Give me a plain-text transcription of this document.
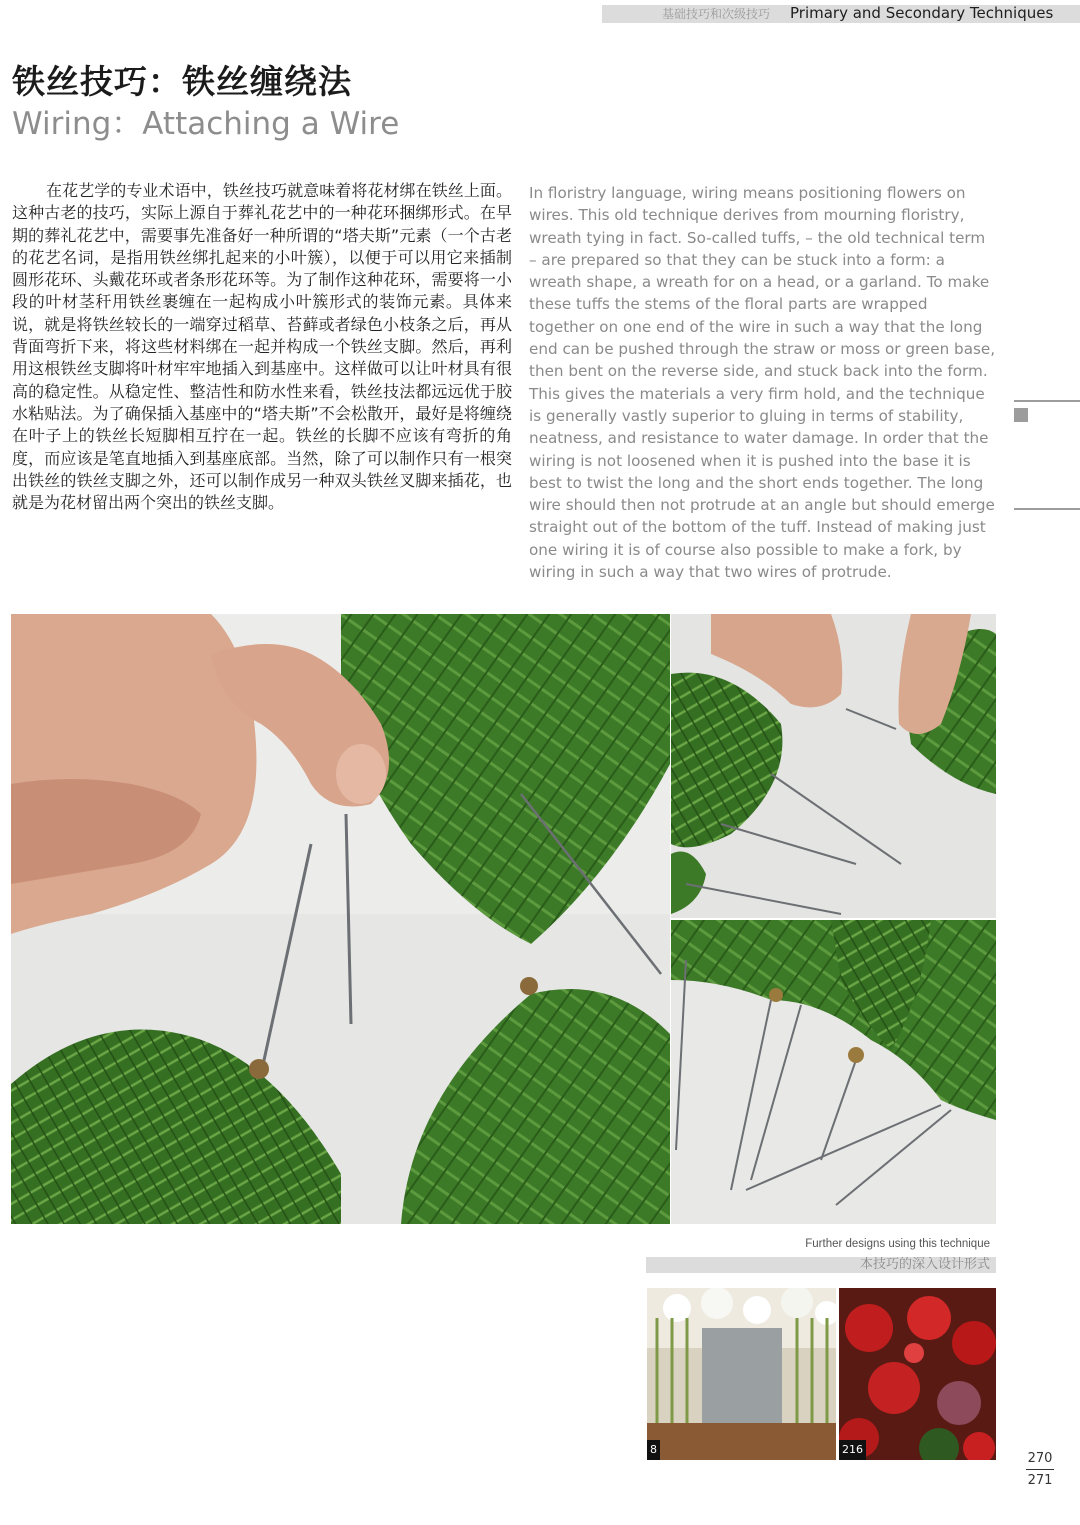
基础技巧和次级技巧 Primary and Secondary Techniques
铁丝技巧：铁丝缠绕法
Wiring：Attaching a Wire
在花艺学的专业术语中，铁丝技巧就意味着将花材绑在铁丝上面。这种古老的技巧，实际上源自于葬礼花艺中的一种花环捆绑形式。在早期的葬礼花艺中，需要事先准备好一种所谓的“塔夫斯”元素（一个古老的花艺名词，是指用铁丝绑扎起来的小叶簇），以便于可以用它来插制圆形花环、头戴花环或者条形花环等。为了制作这种花环，需要将一小段的叶材茎秆用铁丝裹缠在一起构成小叶簇形式的装饰元素。具体来说，就是将铁丝较长的一端穿过稻草、苔藓或者绿色小枝条之后，再从背面弯折下来，将这些材料绑在一起并构成一个铁丝支脚。然后，再利用这根铁丝支脚将叶材牢牢地插入到基座中。这样做可以让叶材具有很高的稳定性。从稳定性、整洁性和防水性来看，铁丝技法都远远优于胶水粘贴法。为了确保插入基座中的“塔夫斯”不会松散开，最好是将缠绕在叶子上的铁丝长短脚相互拧在一起。铁丝的长脚不应该有弯折的角度，而应该是笔直地插入到基座底部。当然，除了可以制作只有一根突出铁丝的铁丝支脚之外，还可以制作成另一种双头铁丝叉脚来插花，也就是为花材留出两个突出的铁丝支脚。
In floristry language, wiring means positioning flowers on wires. This old technique derives from mourning floristry, wreath tying in fact. So-called tuffs, – the old technical term – are prepared so that they can be stuck into a form: a wreath shape, a wreath for on a head, or a garland. To make these tuffs the stems of the floral parts are wrapped together on one end of the wire in such a way that the long end can be pushed through the straw or moss or green base, then bent on the reverse side, and stuck back into the form. This gives the materials a very firm hold, and the technique is generally vastly superior to gluing in terms of stability, neatness, and resistance to water damage. In order that the wiring is not loosened when it is pushed into the base it is best to twist the long and the short ends together. The long wire should then not protrude at an angle but should emerge straight out of the bottom of the tuff. Instead of making just one wiring it is of course also possible to make a fork, by wiring in such a way that two wires of protrude.
Further designs using this technique
本技巧的深入设计形式
8	216
270
271
